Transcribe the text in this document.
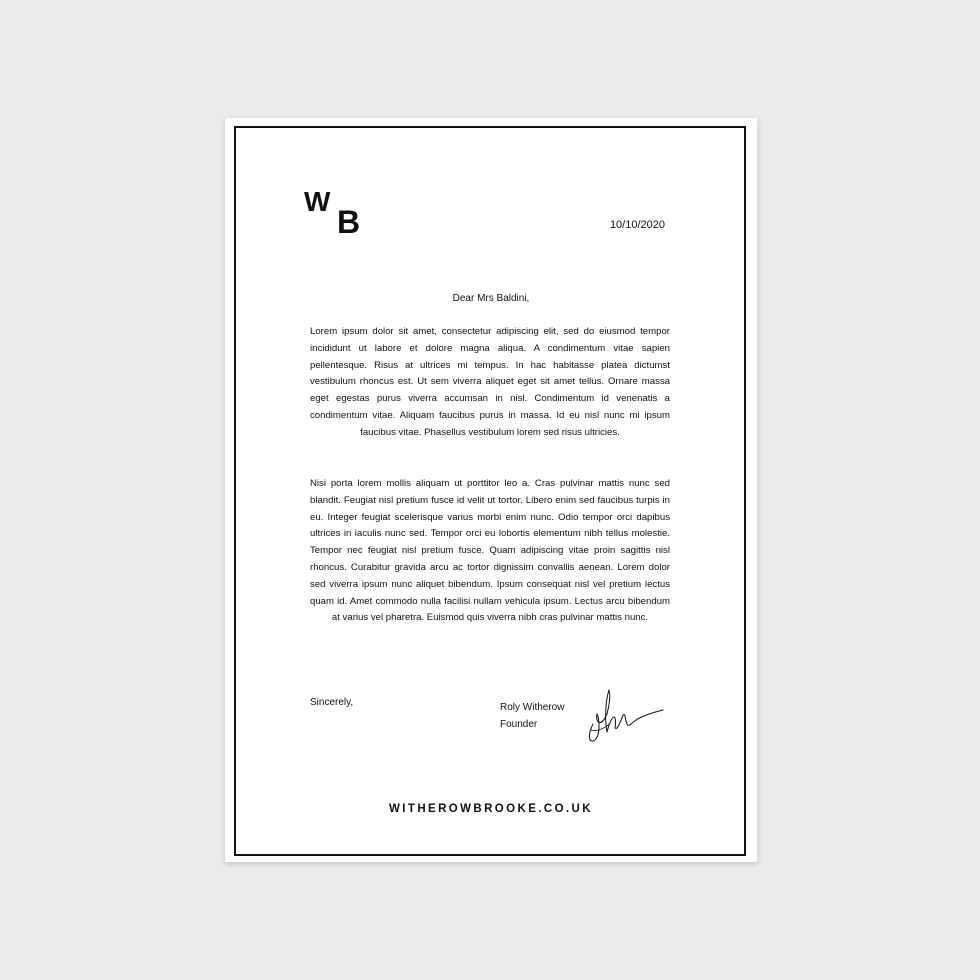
W
B	10/10/2020
Dear Mrs Baldini,
Lorem ipsum dolor sit amet, consectetur adipiscing elit, sed do eiusmod tempor incididunt ut labore et dolore magna aliqua. A condimentum vitae sapien pellentesque. Risus at ultrices mi tempus. In hac habitasse platea dictumst vestibulum rhoncus est. Ut sem viverra aliquet eget sit amet tellus. Ornare massa eget egestas purus viverra accumsan in nisl. Condimentum id venenatis a condimentum vitae. Aliquam faucibus purus in massa. Id eu nisl nunc mi ipsum faucibus vitae. Phasellus vestibulum lorem sed risus ultricies.
Nisi porta lorem mollis aliquam ut porttitor leo a. Cras pulvinar mattis nunc sed blandit. Feugiat nisl pretium fusce id velit ut tortor. Libero enim sed faucibus turpis in eu. Integer feugiat scelerisque varius morbi enim nunc. Odio tempor orci dapibus ultrices in iaculis nunc sed. Tempor orci eu lobortis elementum nibh tellus molestie. Tempor nec feugiat nisl pretium fusce. Quam adipiscing vitae proin sagittis nisl rhoncus. Curabitur gravida arcu ac tortor dignissim convallis aenean. Lorem dolor sed viverra ipsum nunc aliquet bibendum. Ipsum consequat nisl vel pretium lectus quam id. Amet commodo nulla facilisi nullam vehicula ipsum. Lectus arcu bibendum at varius vel pharetra. Euismod quis viverra nibh cras pulvinar mattis nunc.
Sincerely,	Roly Witherow
Founder
WITHEROWBROOKE.CO.UK
